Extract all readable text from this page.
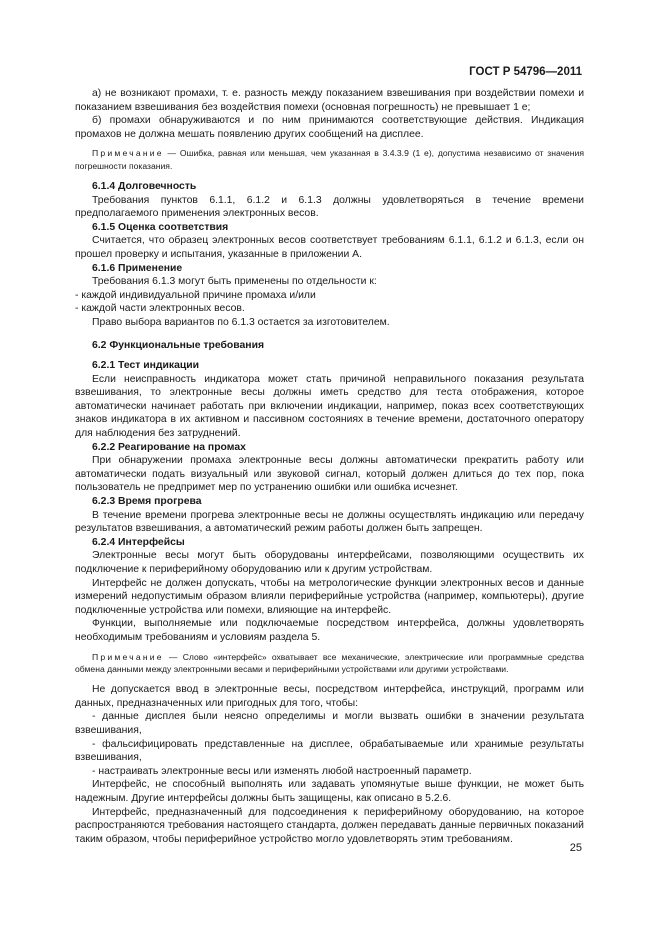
ГОСТ Р 54796—2011

а) не возникают промахи, т. е. разность между показанием взвешивания при воздействии помехи и показанием взвешивания без воздействия помехи (основная погрешность) не превышает 1 e;

б) промахи обнаруживаются и по ним принимаются соответствующие действия. Индикация промахов не должна мешать появлению других сообщений на дисплее.

Примечание — Ошибка, равная или меньшая, чем указанная в 3.4.3.9 (1 e), допустима независимо от значения погрешности показания.

6.1.4 Долговечность

Требования пунктов 6.1.1, 6.1.2 и 6.1.3 должны удовлетворяться в течение времени предполагаемого применения электронных весов.

6.1.5 Оценка соответствия

Считается, что образец электронных весов соответствует требованиям 6.1.1, 6.1.2 и 6.1.3, если он прошел проверку и испытания, указанные в приложении А.

6.1.6 Применение

Требования 6.1.3 могут быть применены по отдельности к:

- каждой индивидуальной причине промаха и/или

- каждой части электронных весов.

Право выбора вариантов по 6.1.3 остается за изготовителем.

6.2 Функциональные требования
6.2.1 Тест индикации

Если неисправность индикатора может стать причиной неправильного показания результата взвешивания, то электронные весы должны иметь средство для теста отображения, которое автоматически начинает работать при включении индикации, например, показ всех соответствующих знаков индикатора в их активном и пассивном состояниях в течение времени, достаточного оператору для наблюдения без затруднений.

6.2.2 Реагирование на промах

При обнаружении промаха электронные весы должны автоматически прекратить работу или автоматически подать визуальный или звуковой сигнал, который должен длиться до тех пор, пока пользователь не предпримет мер по устранению ошибки или ошибка исчезнет.

6.2.3 Время прогрева

В течение времени прогрева электронные весы не должны осуществлять индикацию или передачу результатов взвешивания, а автоматический режим работы должен быть запрещен.

6.2.4 Интерфейсы

Электронные весы могут быть оборудованы интерфейсами, позволяющими осуществить их подключение к периферийному оборудованию или к другим устройствам.

Интерфейс не должен допускать, чтобы на метрологические функции электронных весов и данные измерений недопустимым образом влияли периферийные устройства (например, компьютеры), другие подключенные устройства или помехи, влияющие на интерфейс.

Функции, выполняемые или подключаемые посредством интерфейса, должны удовлетворять необходимым требованиям и условиям раздела 5.

Примечание — Слово «интерфейс» охватывает все механические, электрические или программные средства обмена данными между электронными весами и периферийными устройствами или другими устройствами.

Не допускается ввод в электронные весы, посредством интерфейса, инструкций, программ или данных, предназначенных или пригодных для того, чтобы:

- данные дисплея были неясно определимы и могли вызвать ошибки в значении результата взвешивания,

- фальсифицировать представленные на дисплее, обрабатываемые или хранимые результаты взвешивания,

- настраивать электронные весы или изменять любой настроенный параметр.

Интерфейс, не способный выполнять или задавать упомянутые выше функции, не может быть надежным. Другие интерфейсы должны быть защищены, как описано в 5.2.6.

Интерфейс, предназначенный для подсоединения к периферийному оборудованию, на которое распространяются требования настоящего стандарта, должен передавать данные первичных показаний таким образом, чтобы периферийное устройство могло удовлетворять этим требованиям.

25
